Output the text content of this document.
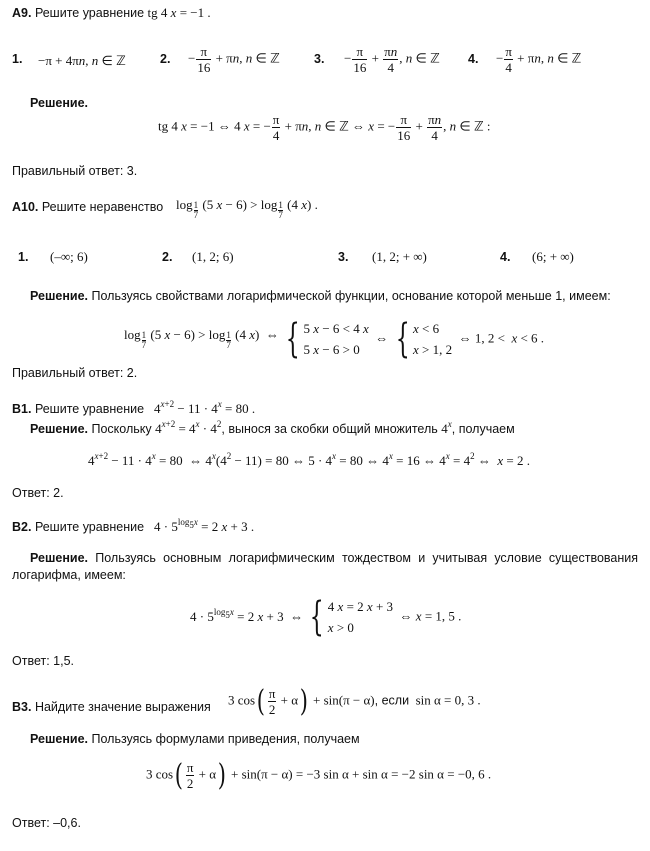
А9. Решите уравнение tg 4 x = −1 .
1. −π + 4πn, n ∈ ℤ	2. − $\frac{\pi}{16} + \pi n$, n ∈ ℤ	3. − $\frac{\pi}{16} + \frac{\pi n}{4}$ , n ∈ ℤ 4. − $\frac{\pi}{4} + \pi n$, n ∈ ℤ
Решение.
tg 4 x = −1 ⇔ 4 x = − $\frac{\pi}{4} + \pi n$, n ∈ ℤ ⇔ x = − $\frac{\pi}{16} + \frac{\pi n}{4}$ , n ∈ ℤ :
Правильный ответ: 3.
А10. Решите неравенство $\log \frac{1}{7} (5$ $x - 6) > \log \frac{1}{7} (4$ x) .
1. (–∞; 6)	2. (1, 2; 6)	3. (1, 2; + ∞)	4. (6; + ∞)
Решение. Пользуясь свойствами логарифмической функции, основание которой меньше 1, имеем:
$\log \frac{1}{7} (5$ $x - 6) > \log \frac{1}{7} (4$ x)  ⇔ { 5 x − 6 < 4 x
5 x − 6 > 0
⇔ { x < 6
x > 1, 2
⇔ 1, 2 <  x < 6 .
Правильный ответ: 2.
В1. Решите уравнение   $4^{x+2} - 11 \cdot 4^x = 80$ .
Решение. Поскольку $4^{x+2} = 4^x \cdot 4^2$, вынося за скобки общий множитель 4$^x$, получаем
$4^{x+2} - 11 \cdot 4^x = 80$  ⇔ $4^x(4^2 - 11) = 80$ ⇔ $5 \cdot 4^x = 80$ ⇔ $4^x = 16$ ⇔ $4^x = 4^2$ ⇔  x = 2 .
Ответ: 2.
В2. Решите уравнение   $4 \cdot 5^{log_5x} = 2$ x + 3 .
Решение. Пользуясь основным логарифмическим тождеством и учитывая условие существования логарифма, имеем:
$4 \cdot 5^{log_5x} = 2$ x + 3  ⇔ { 4 x = 2 x + 3
x > 0
⇔ x = 1, 5 .
Ответ: 1,5.
В3. Найдите значение выражения 3 $\cos( \frac{\pi}{2} + \alpha) + \sin(\pi - \alpha)$, если  sin α = 0, 3 .
Решение. Пользуясь формулами приведения, получаем
3 $\cos( \frac{\pi}{2} + \alpha) + \sin(\pi - \alpha) = -3$ sin α + sin α = −2 sin α = −0, 6 .
Ответ: –0,6.
